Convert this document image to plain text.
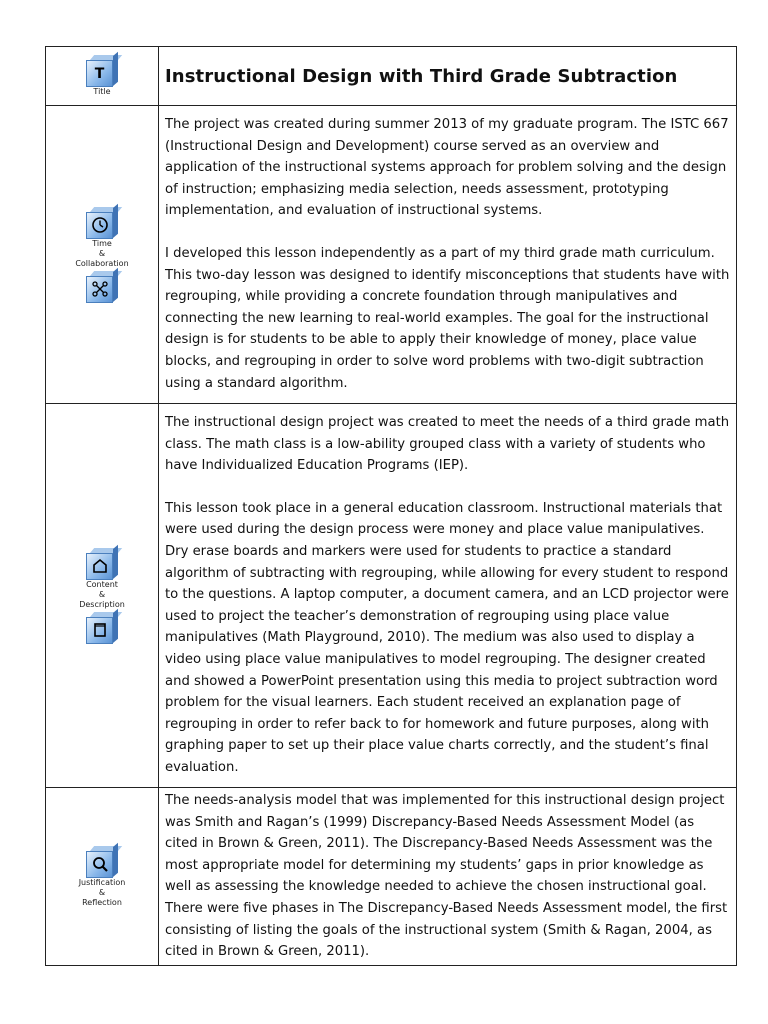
T
Title
Instructional Design with Third Grade Subtraction
Time
&
Collaboration

The project was created during summer 2013 of my graduate program. The ISTC 667 (Instructional Design and Development) course served as an overview and application of the instructional systems approach for problem solving and the design of instruction; emphasizing media selection, needs assessment, prototyping implementation, and evaluation of instructional systems.

I developed this lesson independently as a part of my third grade math curriculum. This two-day lesson was designed to identify misconceptions that students have with regrouping, while providing a concrete foundation through manipulatives and connecting the new learning to real-world examples. The goal for the instructional design is for students to be able to apply their knowledge of money, place value blocks, and regrouping in order to solve word problems with two-digit subtraction using a standard algorithm.

Content
&
Description

The instructional design project was created to meet the needs of a third grade math class. The math class is a low-ability grouped class with a variety of students who have Individualized Education Programs (IEP).

This lesson took place in a general education classroom. Instructional materials that were used during the design process were money and place value manipulatives. Dry erase boards and markers were used for students to practice a standard algorithm of subtracting with regrouping, while allowing for every student to respond to the questions. A laptop computer, a document camera, and an LCD projector were used to project the teacher’s demonstration of regrouping using place value manipulatives (Math Playground, 2010). The medium was also used to display a video using place value manipulatives to model regrouping. The designer created and showed a PowerPoint presentation using this media to project subtraction word problem for the visual learners. Each student received an explanation page of regrouping in order to refer back to for homework and future purposes, along with graphing paper to set up their place value charts correctly, and the student’s final evaluation.

Justification
&
Reflection

The needs-analysis model that was implemented for this instructional design project was Smith and Ragan’s (1999) Discrepancy-Based Needs Assessment Model (as cited in Brown & Green, 2011). The Discrepancy-Based Needs Assessment was the most appropriate model for determining my students’ gaps in prior knowledge as well as assessing the knowledge needed to achieve the chosen instructional goal. There were five phases in The Discrepancy-Based Needs Assessment model, the first consisting of listing the goals of the instructional system (Smith & Ragan, 2004, as cited in Brown & Green, 2011).
